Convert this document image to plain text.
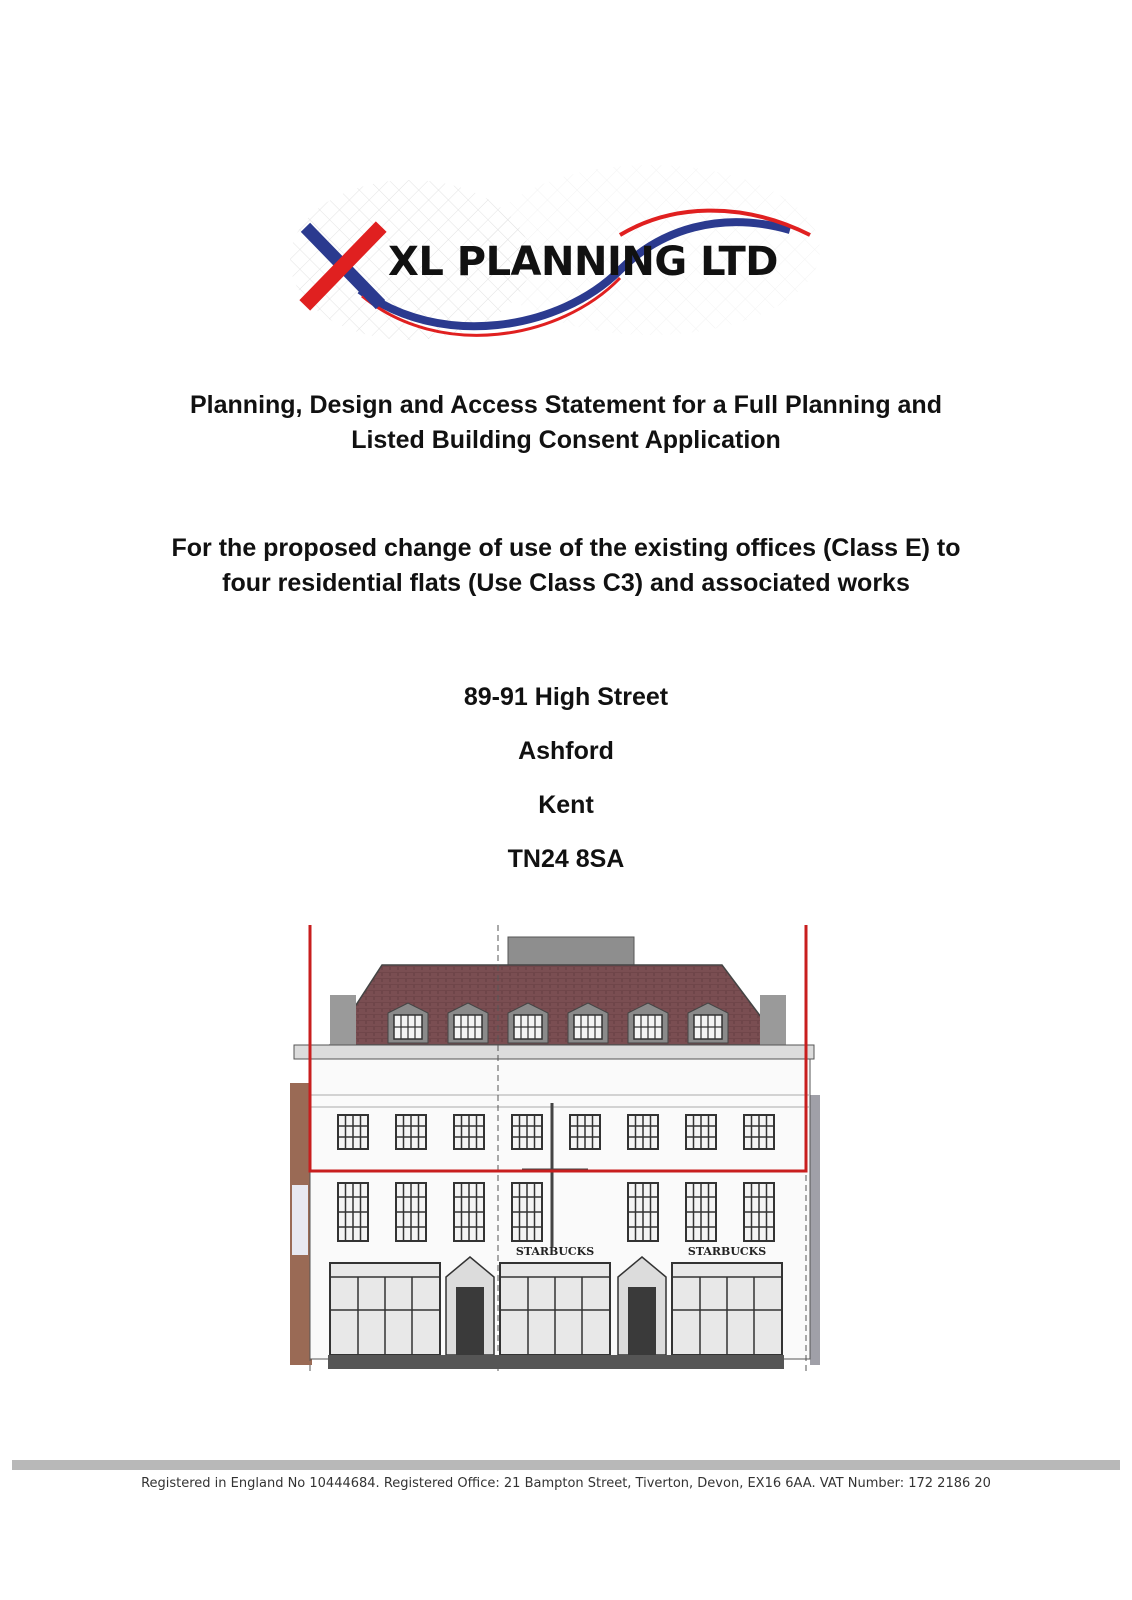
XL PLANNING LTD

Planning, Design and Access Statement for a Full Planning and

Listed Building Consent Application

For the proposed change of use of the existing offices (Class E) to

four residential flats (Use Class C3) and associated works

89-91 High Street
Ashford
Kent
TN24 8SA
STARBUCKS	STARBUCKS
Registered in England No 10444684. Registered Office: 21 Bampton Street, Tiverton, Devon, EX16 6AA. VAT Number: 172 2186 20
